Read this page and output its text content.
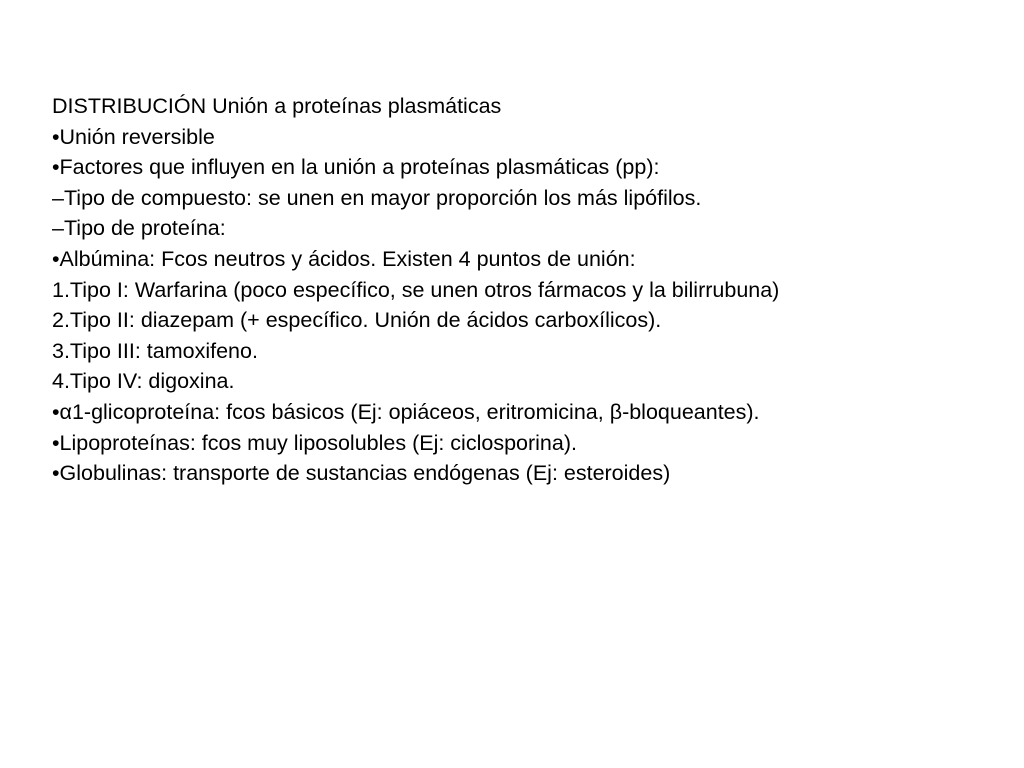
DISTRIBUCIÓN Unión a proteínas plasmáticas
•Unión reversible
•Factores que influyen en la unión a proteínas plasmáticas (pp):
–Tipo de compuesto: se unen en mayor proporción los más lipófilos.
–Tipo de proteína:
•Albúmina: Fcos neutros y ácidos. Existen 4 puntos de unión:
1.Tipo I: Warfarina (poco específico, se unen otros fármacos y la bilirrubuna)
2.Tipo II: diazepam (+ específico. Unión de ácidos carboxílicos).
3.Tipo III: tamoxifeno.
4.Tipo IV: digoxina.
•α1-glicoproteína: fcos básicos (Ej: opiáceos, eritromicina, β-bloqueantes).
•Lipoproteínas: fcos muy liposolubles (Ej: ciclosporina).
•Globulinas: transporte de sustancias endógenas (Ej: esteroides)
